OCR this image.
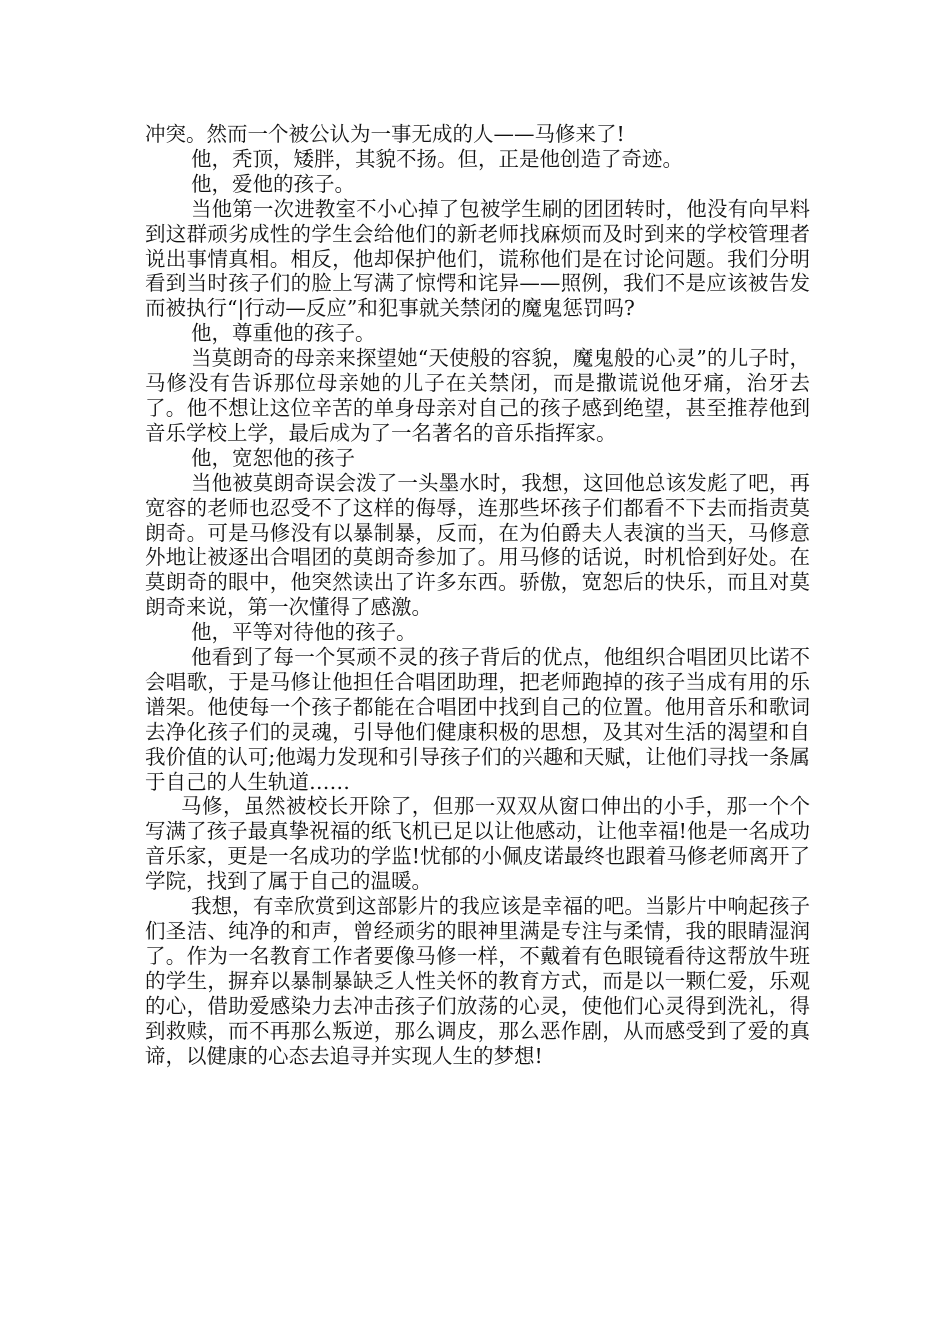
冲突。然而一个被公认为一事无成的人——马修来了!

他，秃顶，矮胖，其貌不扬。但，正是他创造了奇迹。

他，爱他的孩子。

当他第一次进教室不小心掉了包被学生刷的团团转时，他没有向早料到这群顽劣成性的学生会给他们的新老师找麻烦而及时到来的学校管理者说出事情真相。相反，他却保护他们，谎称他们是在讨论问题。我们分明看到当时孩子们的脸上写满了惊愕和诧异——照例，我们不是应该被告发而被执行“|行动—反应”和犯事就关禁闭的魔鬼惩罚吗?

他，尊重他的孩子。

当莫朗奇的母亲来探望她“天使般的容貌，魔鬼般的心灵”的儿子时，马修没有告诉那位母亲她的儿子在关禁闭，而是撒谎说他牙痛，治牙去了。他不想让这位辛苦的单身母亲对自己的孩子感到绝望，甚至推荐他到音乐学校上学，最后成为了一名著名的音乐指挥家。

他，宽恕他的孩子

当他被莫朗奇误会泼了一头墨水时，我想，这回他总该发彪了吧，再宽容的老师也忍受不了这样的侮辱，连那些坏孩子们都看不下去而指责莫朗奇。可是马修没有以暴制暴，反而，在为伯爵夫人表演的当天，马修意外地让被逐出合唱团的莫朗奇参加了。用马修的话说，时机恰到好处。在莫朗奇的眼中，他突然读出了许多东西。骄傲，宽恕后的快乐，而且对莫朗奇来说，第一次懂得了感激。

他，平等对待他的孩子。

他看到了每一个冥顽不灵的孩子背后的优点，他组织合唱团贝比诺不会唱歌，于是马修让他担任合唱团助理，把老师跑掉的孩子当成有用的乐谱架。他使每一个孩子都能在合唱团中找到自己的位置。他用音乐和歌词去净化孩子们的灵魂，引导他们健康积极的思想，及其对生活的渴望和自我价值的认可;他竭力发现和引导孩子们的兴趣和天赋，让他们寻找一条属于自己的人生轨道……

马修，虽然被校长开除了，但那一双双从窗口伸出的小手，那一个个写满了孩子最真挚祝福的纸飞机已足以让他感动，让他幸福!他是一名成功音乐家，更是一名成功的学监!忧郁的小佩皮诺最终也跟着马修老师离开了学院，找到了属于自己的温暖。

我想，有幸欣赏到这部影片的我应该是幸福的吧。当影片中响起孩子们圣洁、纯净的和声，曾经顽劣的眼神里满是专注与柔情，我的眼睛湿润了。作为一名教育工作者要像马修一样，不戴着有色眼镜看待这帮放牛班的学生，摒弃以暴制暴缺乏人性关怀的教育方式，而是以一颗仁爱，乐观的心，借助爱感染力去冲击孩子们放荡的心灵，使他们心灵得到洗礼，得到救赎，而不再那么叛逆，那么调皮，那么恶作剧，从而感受到了爱的真谛，以健康的心态去追寻并实现人生的梦想!
